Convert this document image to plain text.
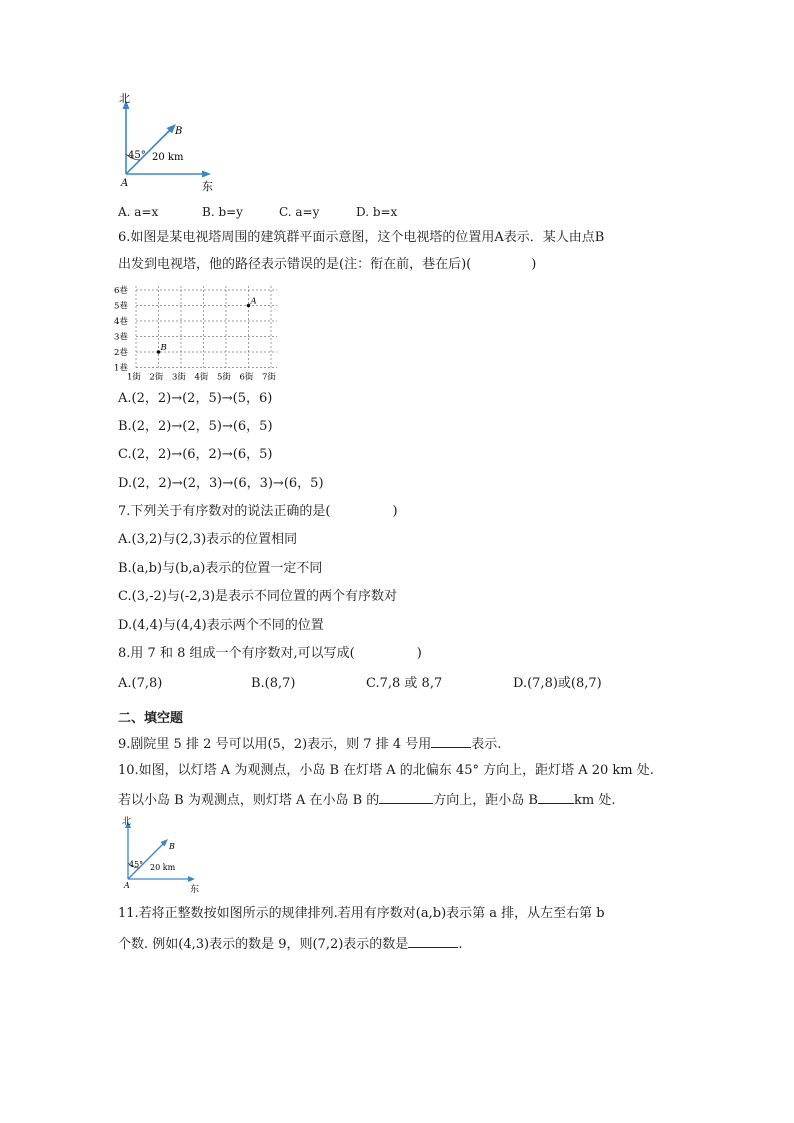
北
B
45° 20 km
A	东
A. a=x	B. b=y	C. a=y	D. b=x
6.如图是某电视塔周围的建筑群平面示意图，这个电视塔的位置用A表示．某人由点B
出发到电视塔，他的路径表示错误的是(注：衔在前，巷在后)(	)
6巷
5巷
4巷
3巷
2巷
1巷
1街 2街 3街 4街 5街 6街 7街
B
A
A.(2，2)→(2，5)→(5，6)
B.(2，2)→(2，5)→(6，5)
C.(2，2)→(6，2)→(6，5)
D.(2，2)→(2，3)→(6，3)→(6，5)
7.下列关于有序数对的说法正确的是(	)
A.(3,2)与(2,3)表示的位置相同
B.(a,b)与(b,a)表示的位置一定不同
C.(3,-2)与(-2,3)是表示不同位置的两个有序数对
D.(4,4)与(4,4)表示两个不同的位置
8.用 7 和 8 组成一个有序数对,可以写成(	)
A.(7,8)	B.(8,7)	C.7,8 或 8,7	D.(7,8)或(8,7)
二、填空题
9.剧院里 5 排 2 号可以用(5，2)表示，则 7 排 4 号用	表示.
10.如图，以灯塔 A 为观测点，小岛 B 在灯塔 A 的北偏东 45° 方向上，距灯塔 A 20 km 处.
若以小岛 B 为观测点，则灯塔 A 在小岛 B 的	方向上，距小岛 B	km 处.
北
B
45° 20 km
A	东
11.若将正整数按如图所示的规律排列.若用有序数对(a,b)表示第 a 排，从左至右第 b
个数. 例如(4,3)表示的数是 9，则(7,2)表示的数是	.
